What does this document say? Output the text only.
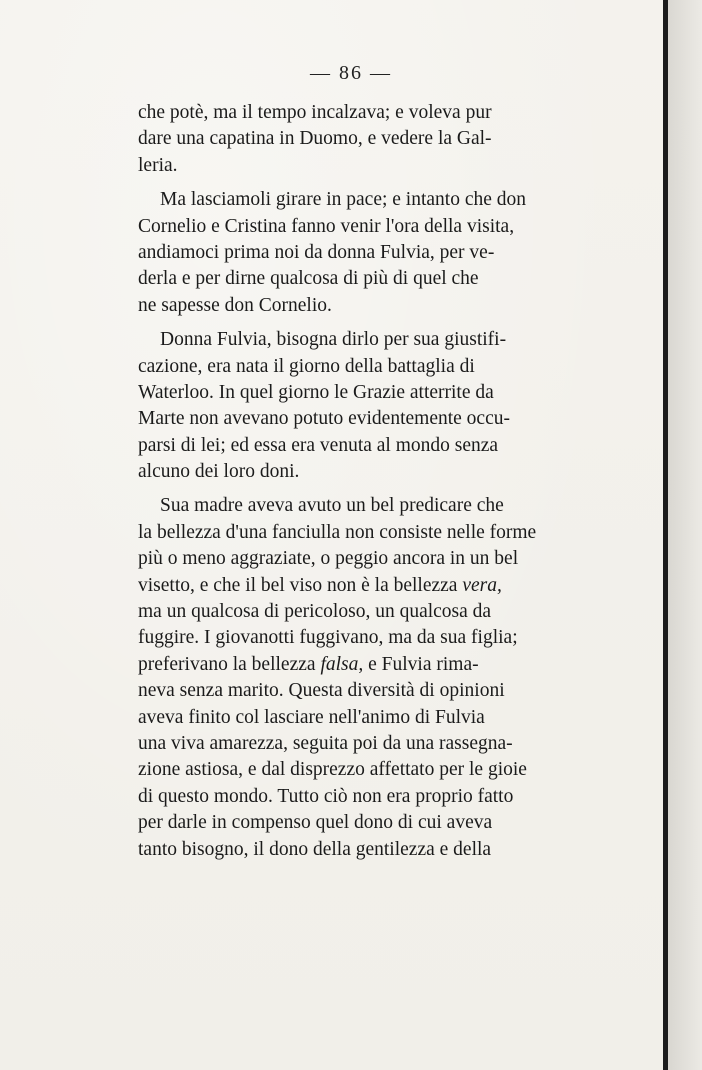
— 86 —
che potè, ma il tempo incalzava; e voleva pur
dare una capatina in Duomo, e vedere la Gal-
leria.
Ma lasciamoli girare in pace; e intanto che don
Cornelio e Cristina fanno venir l'ora della visita,
andiamoci prima noi da donna Fulvia, per ve-
derla e per dirne qualcosa di più di quel che
ne sapesse don Cornelio.
Donna Fulvia, bisogna dirlo per sua giustifi-
cazione, era nata il giorno della battaglia di
Waterloo. In quel giorno le Grazie atterrite da
Marte non avevano potuto evidentemente occu-
parsi di lei; ed essa era venuta al mondo senza
alcuno dei loro doni.
Sua madre aveva avuto un bel predicare che
la bellezza d'una fanciulla non consiste nelle forme
più o meno aggraziate, o peggio ancora in un bel
visetto, e che il bel viso non è la bellezza vera,
ma un qualcosa di pericoloso, un qualcosa da
fuggire. I giovanotti fuggivano, ma da sua figlia;
preferivano la bellezza falsa, e Fulvia rima-
neva senza marito. Questa diversità di opinioni
aveva finito col lasciare nell'animo di Fulvia
una viva amarezza, seguita poi da una rassegna-
zione astiosa, e dal disprezzo affettato per le gioie
di questo mondo. Tutto ciò non era proprio fatto
per darle in compenso quel dono di cui aveva
tanto bisogno, il dono della gentilezza e della
